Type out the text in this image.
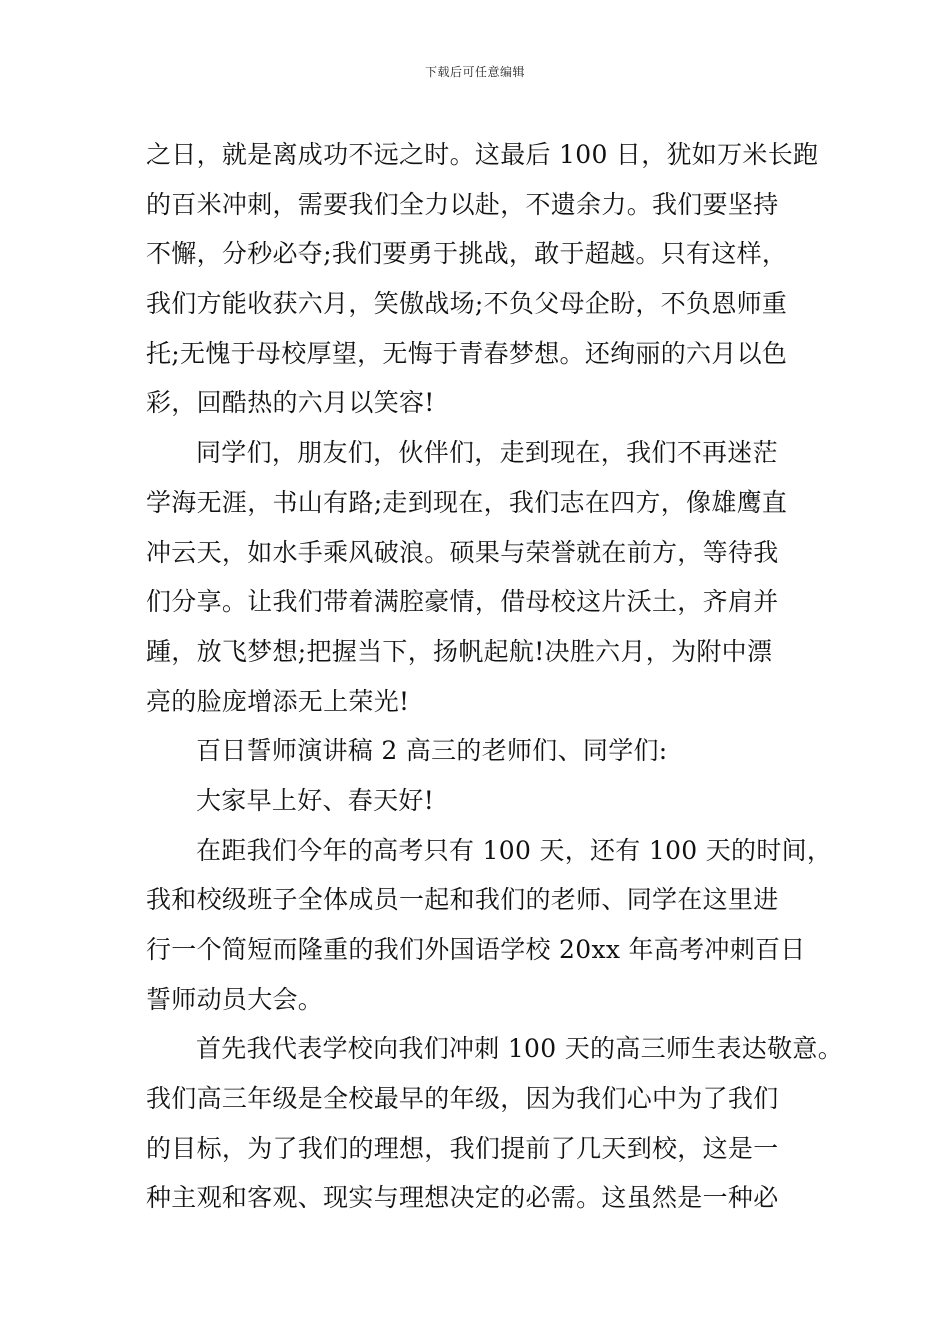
下载后可任意编辑
之日，就是离成功不远之时。这最后 100 日，犹如万米长跑
的百米冲刺，需要我们全力以赴，不遗余力。我们要坚持
不懈，分秒必夺;我们要勇于挑战，敢于超越。只有这样，
我们方能收获六月，笑傲战场;不负父母企盼，不负恩师重
托;无愧于母校厚望，无悔于青春梦想。还绚丽的六月以色
彩，回酷热的六月以笑容!
同学们，朋友们，伙伴们，走到现在，我们不再迷茫
学海无涯，书山有路;走到现在，我们志在四方，像雄鹰直
冲云天，如水手乘风破浪。硕果与荣誉就在前方，等待我
们分享。让我们带着满腔豪情，借母校这片沃土，齐肩并
踵，放飞梦想;把握当下，扬帆起航!决胜六月，为附中漂
亮的脸庞增添无上荣光!
百日誓师演讲稿 2 高三的老师们、同学们:
大家早上好、春天好!
在距我们今年的高考只有 100 天，还有 100 天的时间，
我和校级班子全体成员一起和我们的老师、同学在这里进
行一个简短而隆重的我们外国语学校 20xx 年高考冲刺百日
誓师动员大会。
首先我代表学校向我们冲刺 100 天的高三师生表达敬意。
我们高三年级是全校最早的年级，因为我们心中为了我们
的目标，为了我们的理想，我们提前了几天到校，这是一
种主观和客观、现实与理想决定的必需。这虽然是一种必
